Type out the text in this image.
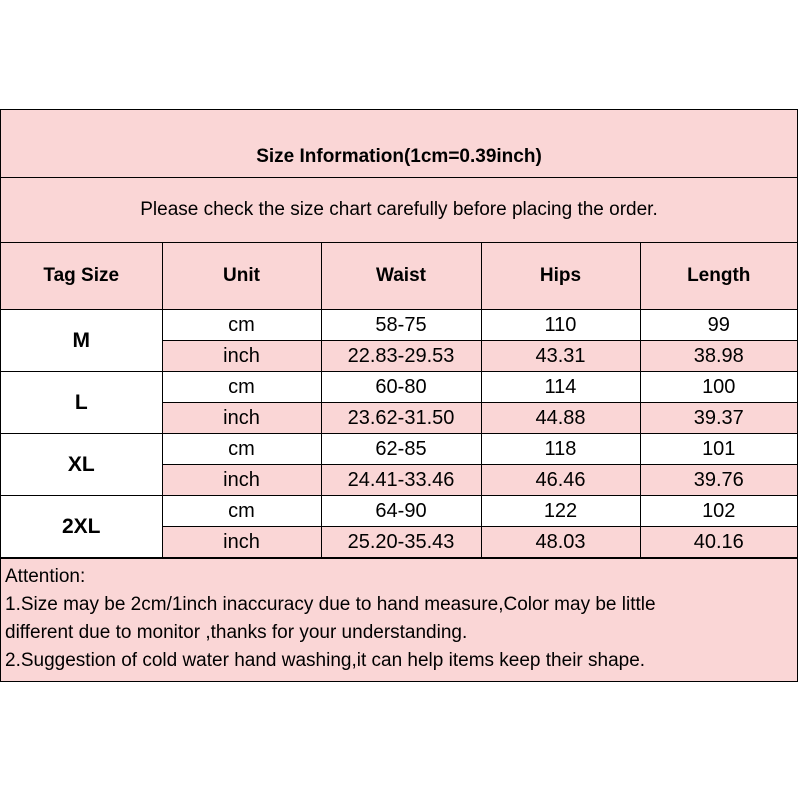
Size Information(1cm=0.39inch)
Please check the size chart carefully before placing the order.
Tag Size	Unit	Waist	Hips	Length
M	cm	58-75	110	99
	inch	22.83-29.53	43.31	38.98
L	cm	60-80	114	100
	inch	23.62-31.50	44.88	39.37
XL	cm	62-85	118	101
	inch	24.41-33.46	46.46	39.76
2XL	cm	64-90	122	102
	inch	25.20-35.43	48.03	40.16
Attention:
1.Size may be 2cm/1inch inaccuracy due to hand measure,Color may be little
different due to monitor ,thanks for your understanding.
2.Suggestion of cold water hand washing,it can help items keep their shape.
